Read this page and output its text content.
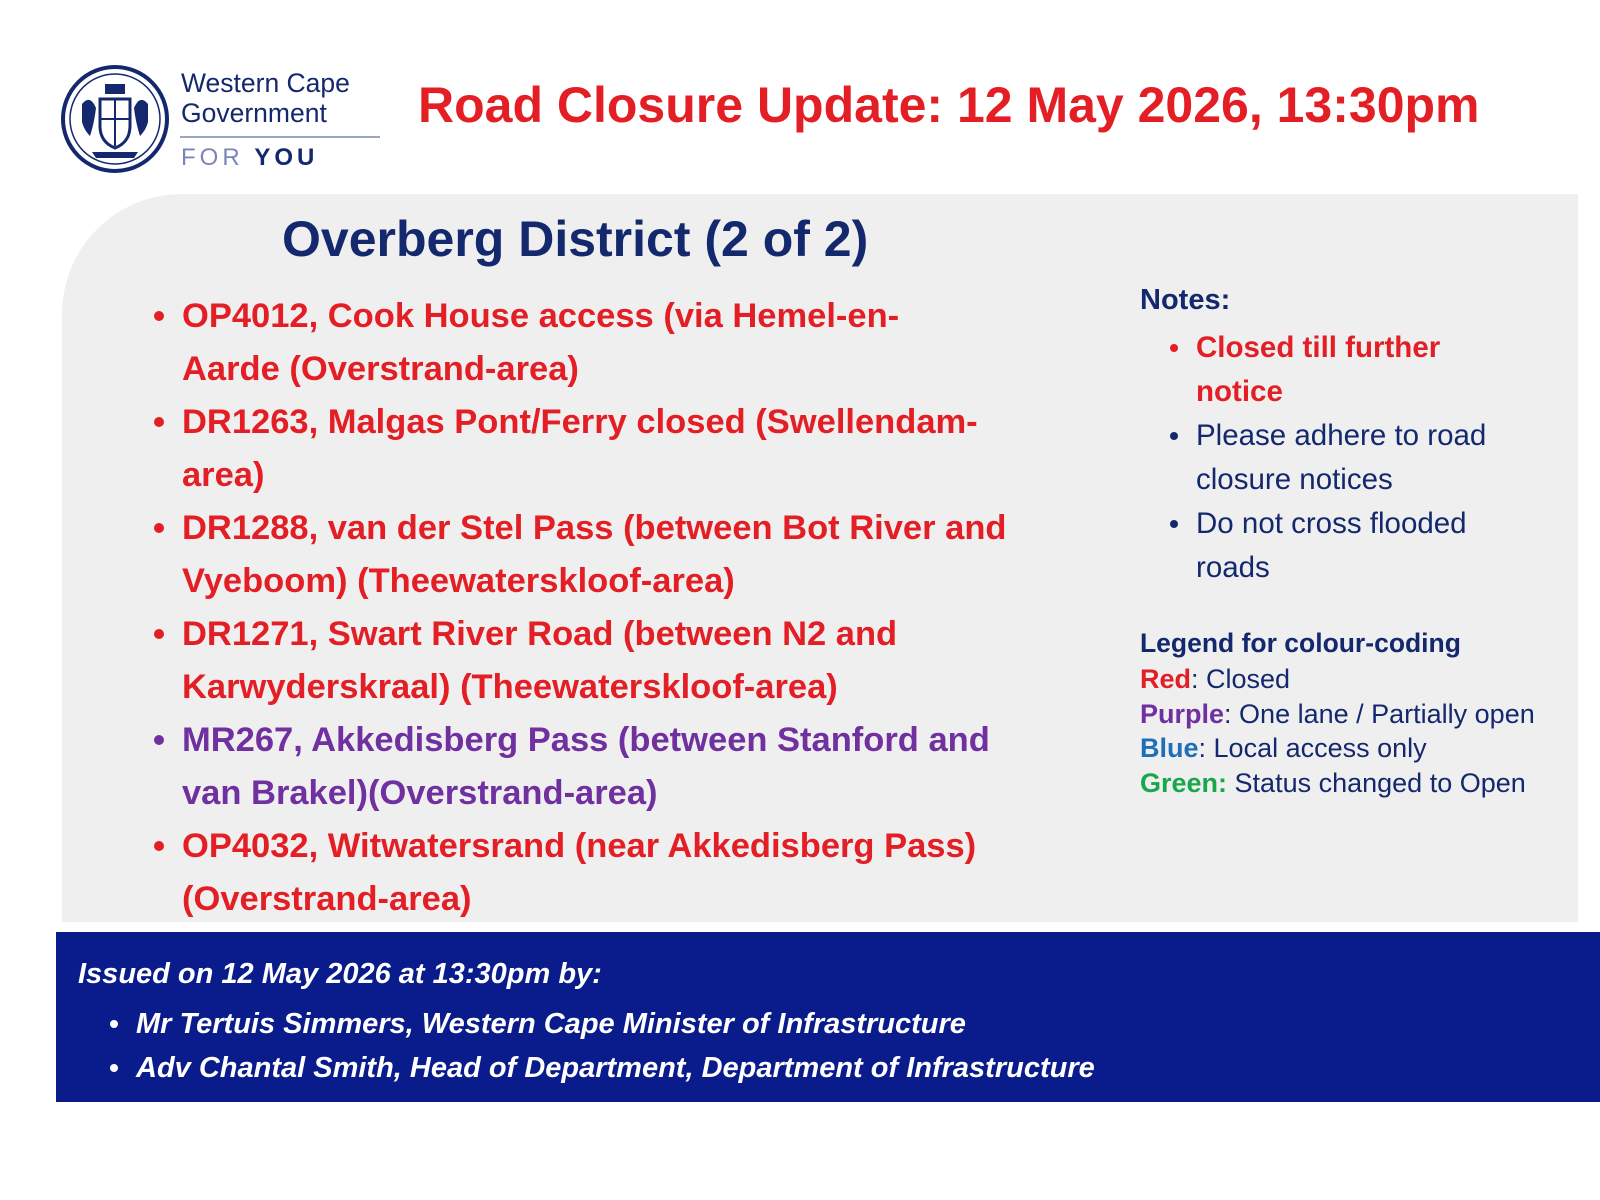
Western Cape
Government
FOR YOU
Road Closure Update: 12 May 2026, 13:30pm
Overberg District (2 of 2)
OP4012, Cook House access (via Hemel-en-
Aarde (Overstrand-area)
DR1263, Malgas Pont/Ferry closed (Swellendam-
area)
DR1288, van der Stel Pass (between Bot River and
Vyeboom) (Theewaterskloof-area)
DR1271, Swart River Road (between N2 and
Karwyderskraal) (Theewaterskloof-area)
MR267, Akkedisberg Pass (between Stanford and
van Brakel)(Overstrand-area)
OP4032, Witwatersrand (near Akkedisberg Pass)
(Overstrand-area)
Notes:
Closed till further
notice
Please adhere to road
closure notices
Do not cross flooded
roads
Legend for colour-coding
Red: Closed
Purple: One lane / Partially open
Blue: Local access only
Green: Status changed to Open
Issued on 12 May 2026 at 13:30pm by:
Mr Tertuis Simmers, Western Cape Minister of Infrastructure
Adv Chantal Smith, Head of Department, Department of Infrastructure
